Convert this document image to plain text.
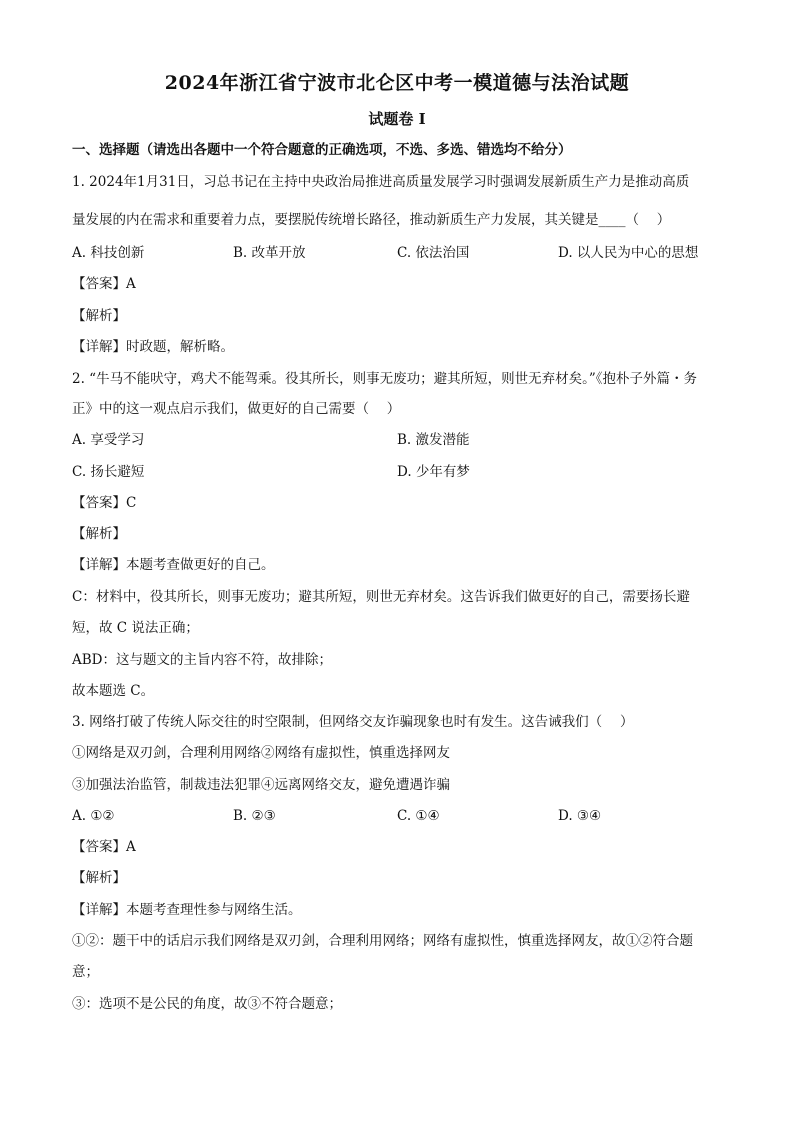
2024年浙江省宁波市北仑区中考一模道德与法治试题
试题卷 I
一、选择题（请选出各题中一个符合题意的正确选项，不选、多选、错选均不给分）
1. 2024年1月31日，习总书记在主持中央政治局推进高质量发展学习时强调发展新质生产力是推动高质
量发展的内在需求和重要着力点，要摆脱传统增长路径，推动新质生产力发展，其关键是____（　 ）
A. 科技创新	B. 改革开放	C. 依法治国	D. 以人民为中心的思想
【答案】A
【解析】
【详解】时政题，解析略。
2. “牛马不能吠守，鸡犬不能驾乘。役其所长，则事无废功；避其所短，则世无弃材矣。”《抱朴子外篇・务
正》中的这一观点启示我们，做更好的自己需要（　 ）
A. 享受学习	B. 激发潜能
C. 扬长避短	D. 少年有梦
【答案】C
【解析】
【详解】本题考查做更好的自己。
C：材料中，役其所长，则事无废功；避其所短，则世无弃材矣。这告诉我们做更好的自己，需要扬长避
短，故 C 说法正确；
ABD：这与题文的主旨内容不符，故排除；
故本题选 C。
3. 网络打破了传统人际交往的时空限制，但网络交友诈骗现象也时有发生。这告诫我们（　 ）
①网络是双刃剑，合理利用网络②网络有虚拟性，慎重选择网友
③加强法治监管，制裁违法犯罪④远离网络交友，避免遭遇诈骗
A. ①②	B. ②③	C. ①④	D. ③④
【答案】A
【解析】
【详解】本题考查理性参与网络生活。
①②：题干中的话启示我们网络是双刃剑，合理利用网络；网络有虚拟性，慎重选择网友，故①②符合题
意；
③：选项不是公民的角度，故③不符合题意；
